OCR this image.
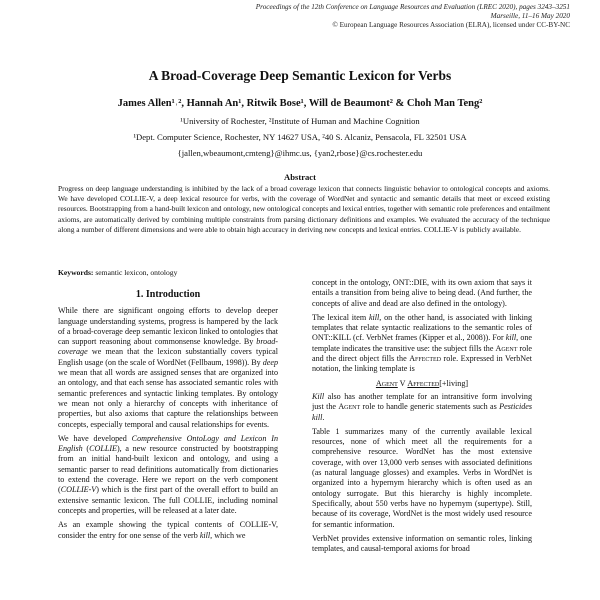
Proceedings of the 12th Conference on Language Resources and Evaluation (LREC 2020), pages 3243–3251
Marseille, 11–16 May 2020
© European Language Resources Association (ELRA), licensed under CC-BY-NC
A Broad-Coverage Deep Semantic Lexicon for Verbs
James Allen¹˒², Hannah An¹, Ritwik Bose¹, Will de Beaumont² & Choh Man Teng²
¹University of Rochester, ²Institute of Human and Machine Cognition
¹Dept. Computer Science, Rochester, NY 14627 USA, ²40 S. Alcaniz, Pensacola, FL 32501 USA
{jallen,wbeaumont,cmteng}@ihmc.us, {yan2,rbose}@cs.rochester.edu
Abstract
Progress on deep language understanding is inhibited by the lack of a broad coverage lexicon that connects linguistic behavior to ontological concepts and axioms. We have developed COLLIE-V, a deep lexical resource for verbs, with the coverage of WordNet and syntactic and semantic details that meet or exceed existing resources. Bootstrapping from a hand-built lexicon and ontology, new ontological concepts and lexical entries, together with semantic role preferences and entailment axioms, are automatically derived by combining multiple constraints from parsing dictionary definitions and examples. We evaluated the accuracy of the technique along a number of different dimensions and were able to obtain high accuracy in deriving new concepts and lexical entries. COLLIE-V is publicly available.
Keywords: semantic lexicon, ontology
1. Introduction

While there are significant ongoing efforts to develop deeper language understanding systems, progress is hampered by the lack of a broad-coverage deep semantic lexicon linked to ontologies that can support reasoning about commonsense knowledge. By broad-coverage we mean that the lexicon substantially covers typical English usage (on the scale of WordNet (Fellbaum, 1998)). By deep we mean that all words are assigned senses that are organized into an ontology, and that each sense has associated semantic roles with semantic preferences and syntactic linking templates. By ontology we mean not only a hierarchy of concepts with inheritance of properties, but also axioms that capture the relationships between concepts, especially temporal and causal relationships for events.

We have developed Comprehensive OntoLogy and Lexicon In English (COLLIE), a new resource constructed by bootstrapping from an initial hand-built lexicon and ontology, and using a semantic parser to read definitions automatically from dictionaries to extend the coverage. Here we report on the verb component (COLLIE-V) which is the first part of the overall effort to build an extensive semantic lexicon. The full COLLIE, including nominal concepts and properties, will be released at a later date.

As an example showing the typical contents of COLLIE-V, consider the entry for one sense of the verb kill, which we

concept in the ontology, ONT::DIE, with its own axiom that says it entails a transition from being alive to being dead. (And further, the concepts of alive and dead are also defined in the ontology).

The lexical item kill, on the other hand, is associated with linking templates that relate syntactic realizations to the semantic roles of ONT::KILL (cf. VerbNet frames (Kipper et al., 2008)). For kill, one template indicates the transitive use: the subject fills the Agent role and the direct object fills the Affected role. Expressed in VerbNet notation, the linking template is

Agent V Affected[+living]

Kill also has another template for an intransitive form involving just the Agent role to handle generic statements such as Pesticides kill.

Table 1 summarizes many of the currently available lexical resources, none of which meet all the requirements for a comprehensive resource. WordNet has the most extensive coverage, with over 13,000 verb senses with associated definitions (as natural language glosses) and examples. Verbs in WordNet is organized into a hypernym hierarchy which is often used as an ontology surrogate. But this hierarchy is highly incomplete. Specifically, about 550 verbs have no hypernym (supertype). Still, because of its coverage, WordNet is the most widely used resource for semantic information.

VerbNet provides extensive information on semantic roles, linking templates, and causal-temporal axioms for broad
